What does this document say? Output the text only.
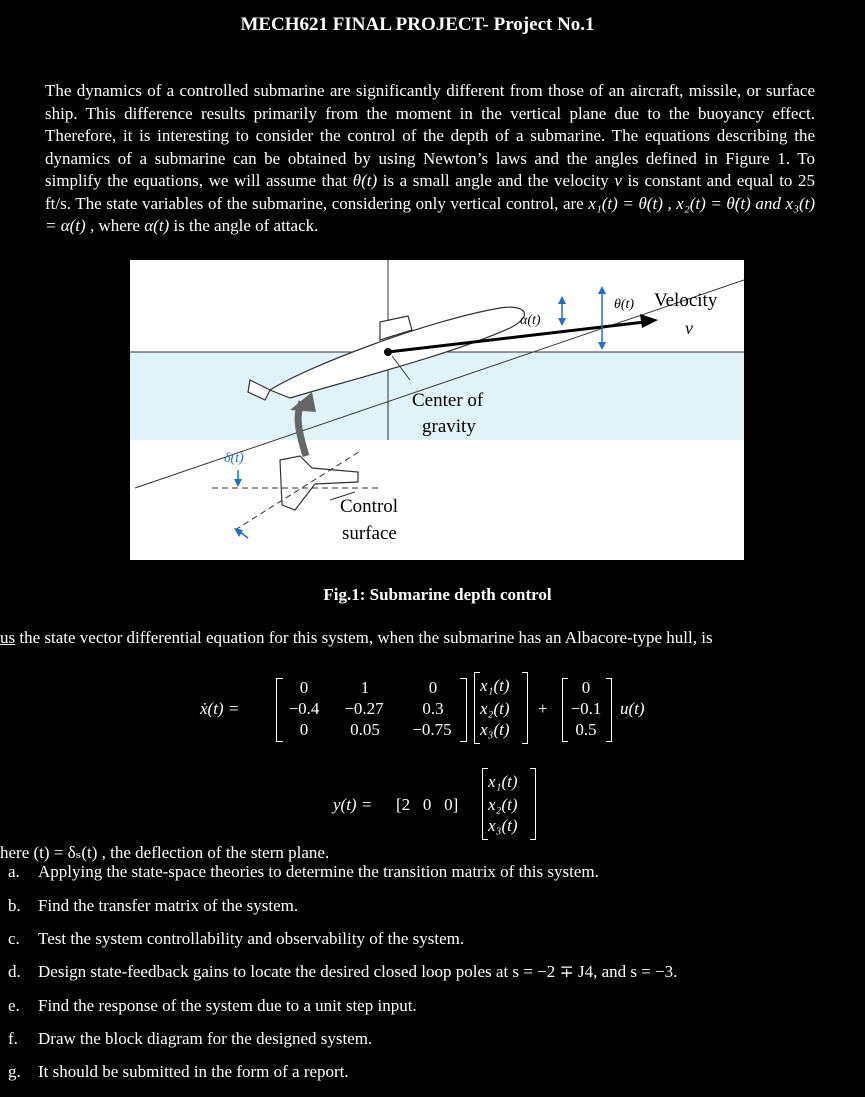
MECH621 FINAL PROJECT- Project No.1
The dynamics of a controlled submarine are significantly different from those of an aircraft, missile, or surface ship. This difference results primarily from the moment in the vertical plane due to the buoyancy effect. Therefore, it is interesting to consider the control of the depth of a submarine. The equations describing the dynamics of a submarine can be obtained by using Newton’s laws and the angles defined in Figure 1. To simplify the equations, we will assume that θ(t) is a small angle and the velocity v is constant and equal to 25 ft/s. The state variables of the submarine, considering only vertical control, are x₁(t) = θ(t) , x₂(t) = θ̇(t) and x₃(t) = α(t) , where α(t) is the angle of attack.
α(t)
θ(t) Velocity
v
Center of
gravity
δ(t)
Control
surface
Fig.1: Submarine depth control
us the state vector differential equation for this system, when the submarine has an Albacore-type hull, is
ẋ(t) =
0	1	0
−0.4	−0.27	0.3
0	0.05	−0.75
x₁(t)
x₂(t)
x₃(t)
+
0
−0.1
0.5
u(t)
y(t) = [2   0   0]
x₁(t)
x₂(t)
x₃(t)
here (t) = δₛ(t) , the deflection of the stern plane.
a. Applying the state-space theories to determine the transition matrix of this system.
b. Find the transfer matrix of the system.
c. Test the system controllability and observability of the system.
d. Design state-feedback gains to locate the desired closed loop poles at s = −2 ∓ J4, and s = −3.
e. Find the response of the system due to a unit step input.
f. Draw the block diagram for the designed system.
g. It should be submitted in the form of a report.
